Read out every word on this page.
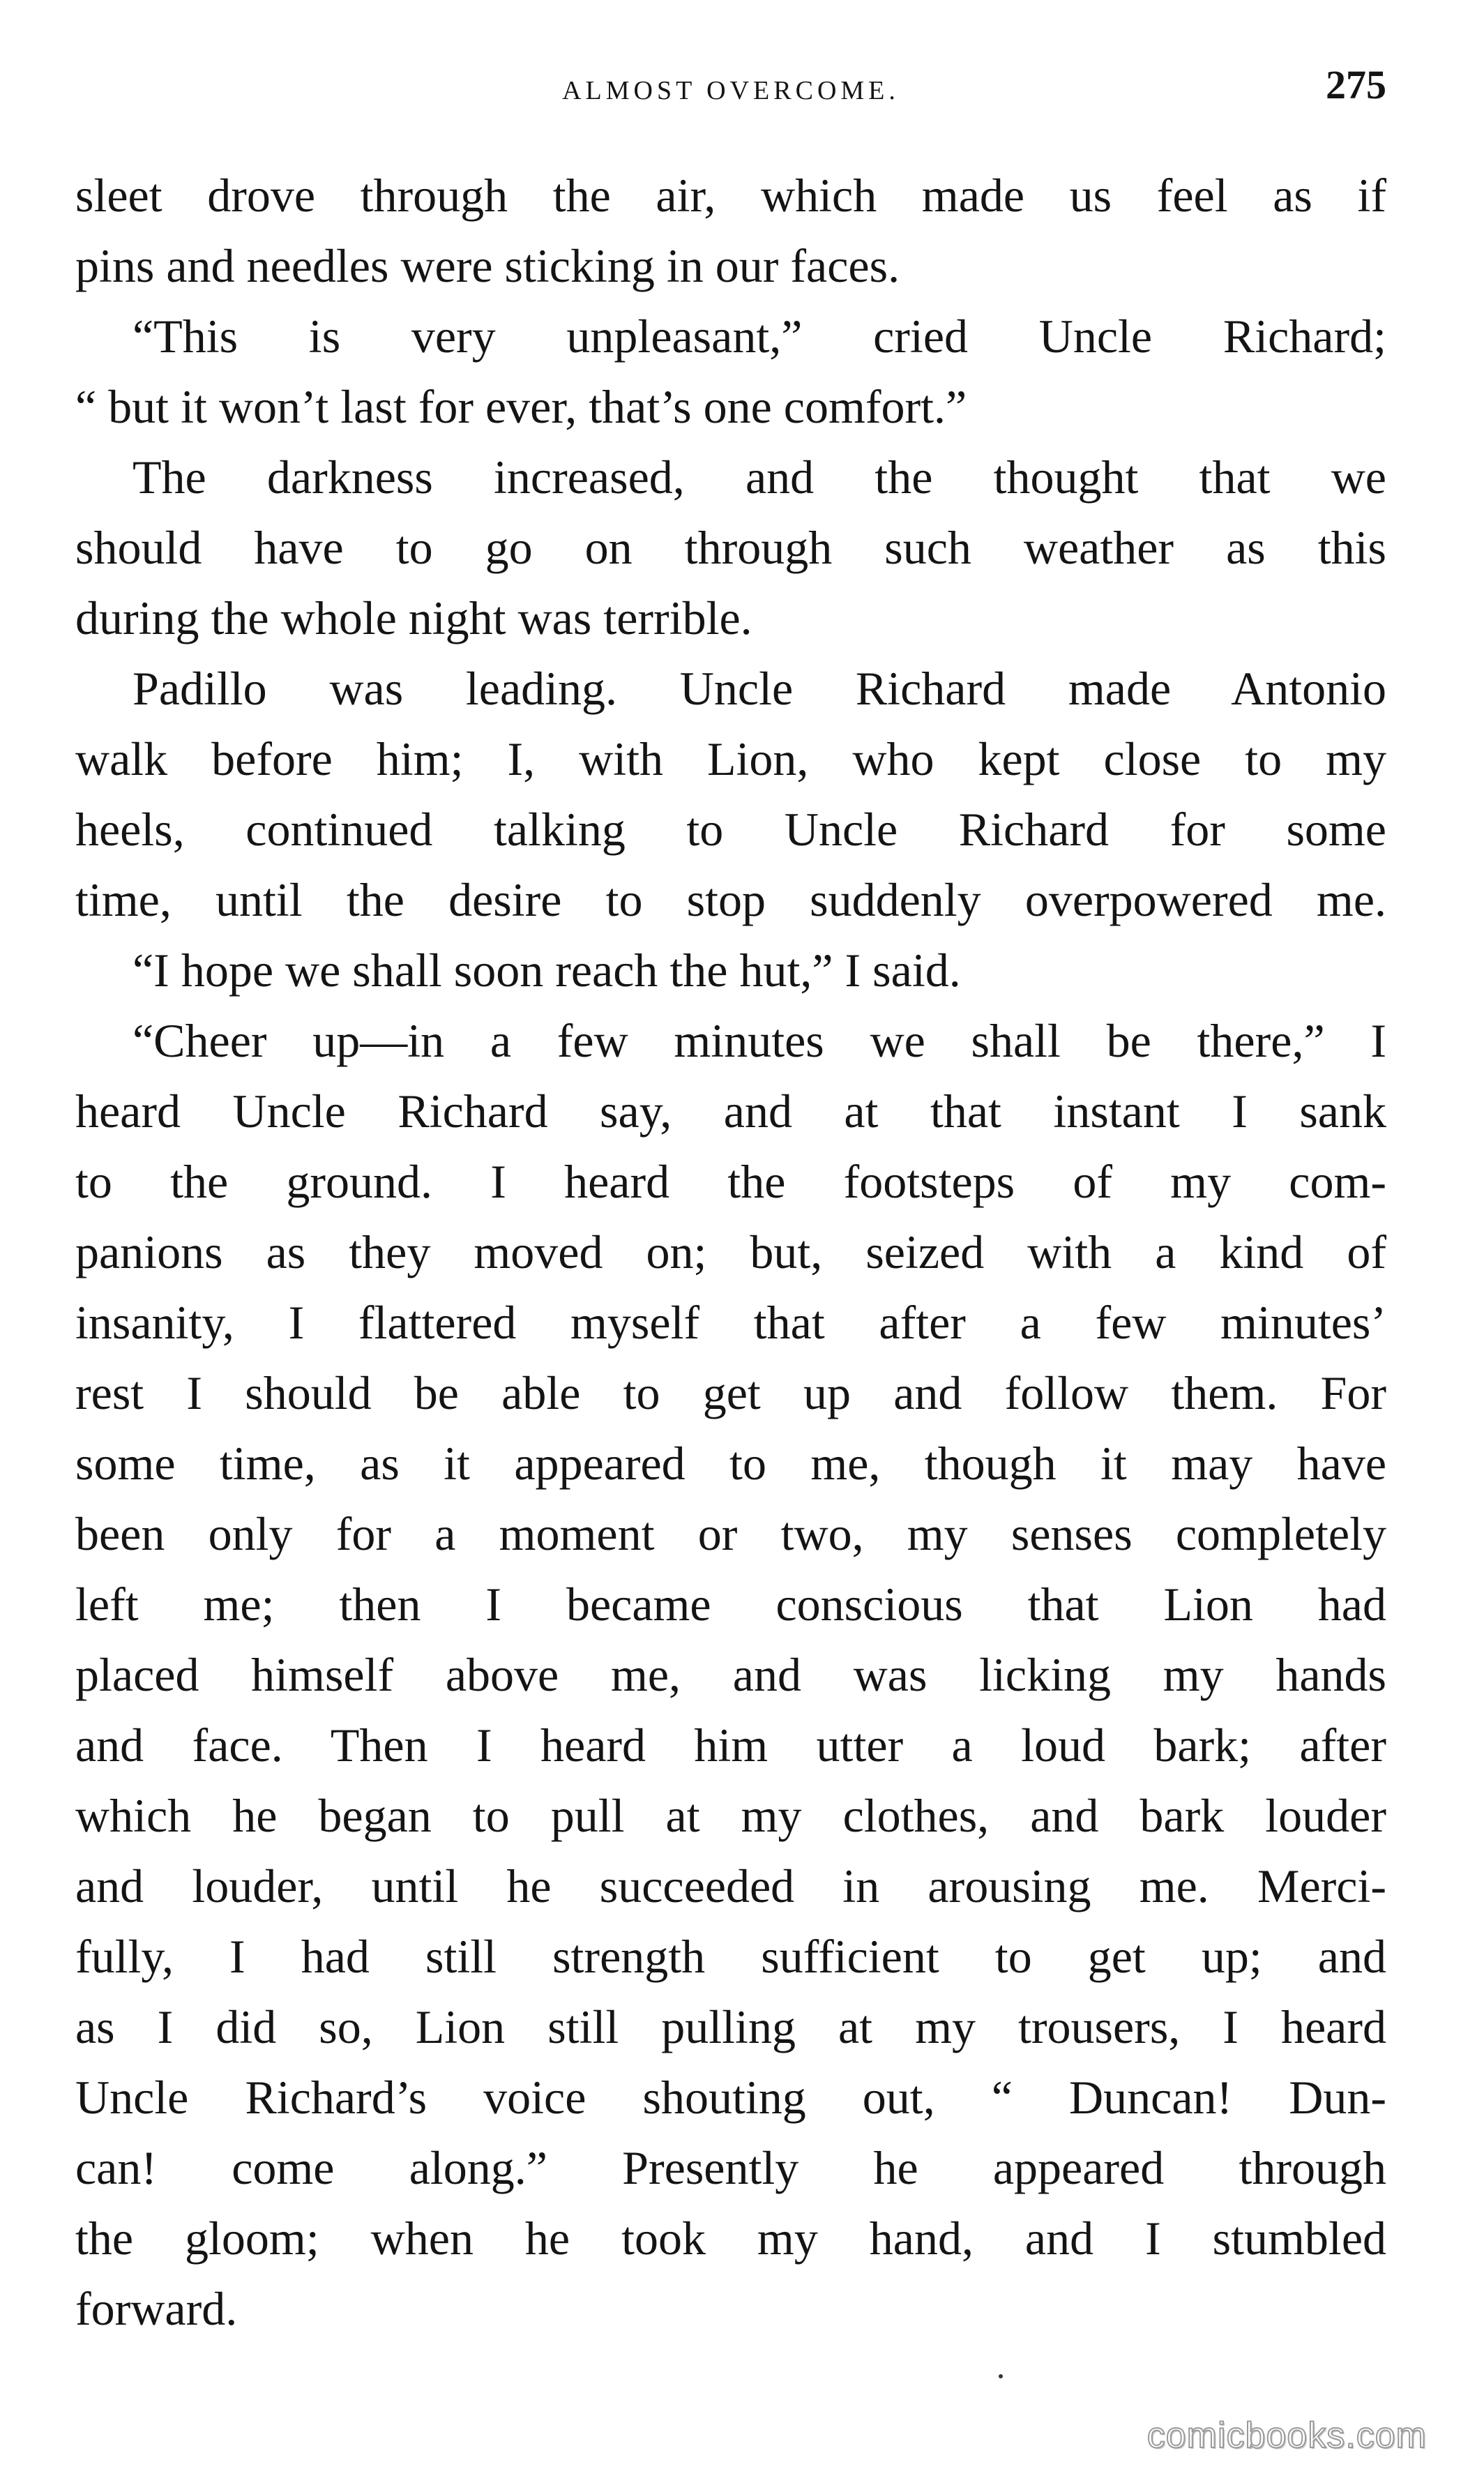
ALMOST OVERCOME.	275
sleet drove through the air, which made us feel as if
pins and needles were sticking in our faces.
“This is very unpleasant,” cried Uncle Richard;
“ but it won’t last for ever, that’s one comfort.”
The darkness increased, and the thought that we
should have to go on through such weather as this
during the whole night was terrible.
Padillo was leading. Uncle Richard made Antonio
walk before him; I, with Lion, who kept close to my
heels, continued talking to Uncle Richard for some
time, until the desire to stop suddenly overpowered me.
“I hope we shall soon reach the hut,” I said.
“Cheer up—in a few minutes we shall be there,” I
heard Uncle Richard say, and at that instant I sank
to the ground. I heard the footsteps of my com-
panions as they moved on; but, seized with a kind of
insanity, I flattered myself that after a few minutes’
rest I should be able to get up and follow them. For
some time, as it appeared to me, though it may have
been only for a moment or two, my senses completely
left me; then I became conscious that Lion had
placed himself above me, and was licking my hands
and face. Then I heard him utter a loud bark; after
which he began to pull at my clothes, and bark louder
and louder, until he succeeded in arousing me. Merci-
fully, I had still strength sufficient to get up; and
as I did so, Lion still pulling at my trousers, I heard
Uncle Richard’s voice shouting out, “ Duncan! Dun-
can! come along.” Presently he appeared through
the gloom; when he took my hand, and I stumbled
forward.
comicbooks.com
